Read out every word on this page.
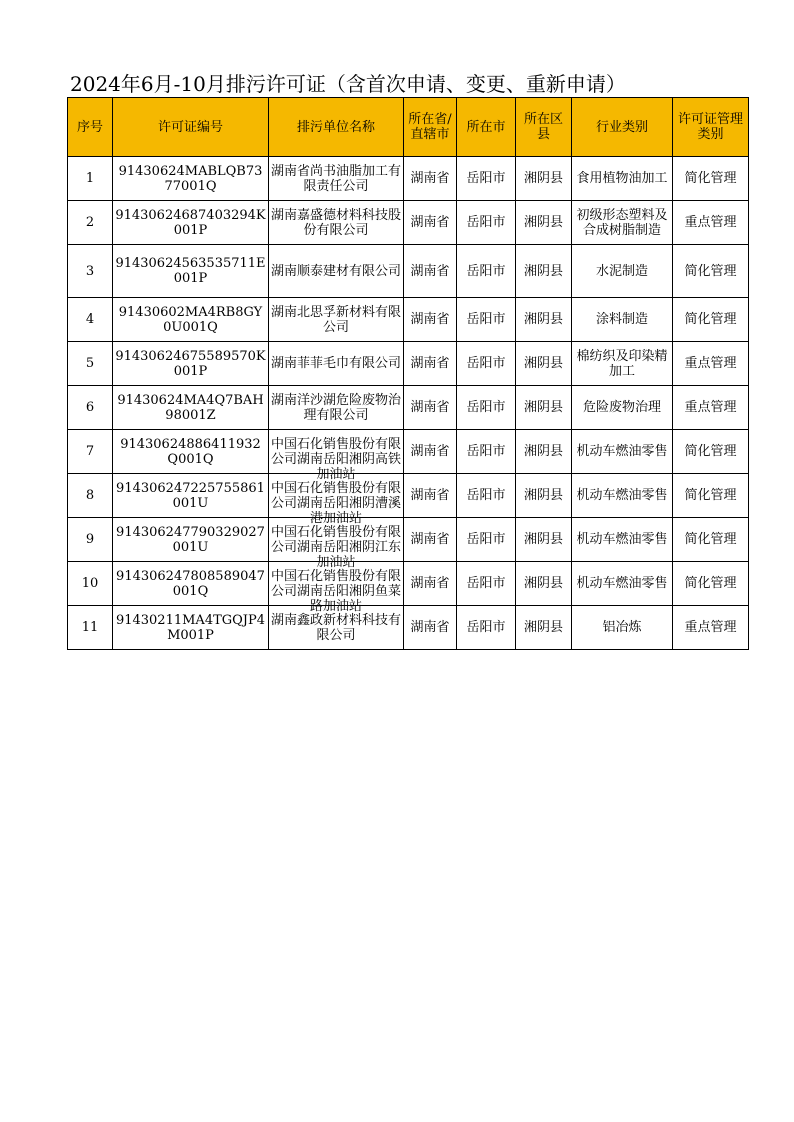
2024年6月-10月排污许可证（含首次申请、变更、重新申请）
序号	许可证编号	排污单位名称	所在省/直辖市	所在市	所在区县	行业类别	许可证管理类别

1	91430624MABLQB7377001Q	湖南省尚书油脂加工有限责任公司	湖南省	岳阳市	湘阴县	食用植物油加工	简化管理

2	91430624687403294K001P	湖南嘉盛德材料科技股份有限公司	湖南省	岳阳市	湘阴县	初级形态塑料及合成树脂制造	重点管理

3	91430624563535711E001P	湖南顺泰建材有限公司	湖南省	岳阳市	湘阴县	水泥制造	简化管理

4	91430602MA4RB8GY0U001Q	湖南北思孚新材料有限公司	湖南省	岳阳市	湘阴县	涂料制造	简化管理

5	91430624675589570K001P	湖南菲菲毛巾有限公司	湖南省	岳阳市	湘阴县	棉纺织及印染精加工	重点管理

6	91430624MA4Q7BAH98001Z	湖南洋沙湖危险废物治理有限公司	湖南省	岳阳市	湘阴县	危险废物治理	重点管理

7	91430624886411932Q001Q	中国石化销售股份有限公司湖南岳阳湘阴高铁加油站	湖南省	岳阳市	湘阴县	机动车燃油零售	简化管理

8	914306247225755861001U	中国石化销售股份有限公司湖南岳阳湘阴漕溪港加油站	湖南省	岳阳市	湘阴县	机动车燃油零售	简化管理

9	914306247790329027001U	中国石化销售股份有限公司湖南岳阳湘阴江东加油站	湖南省	岳阳市	湘阴县	机动车燃油零售	简化管理

10	914306247808589047001Q	中国石化销售股份有限公司湖南岳阳湘阴鱼菜路加油站	湖南省	岳阳市	湘阴县	机动车燃油零售	简化管理

11	91430211MA4TGQJP4M001P	湖南鑫政新材料科技有限公司	湖南省	岳阳市	湘阴县	铝冶炼	重点管理
